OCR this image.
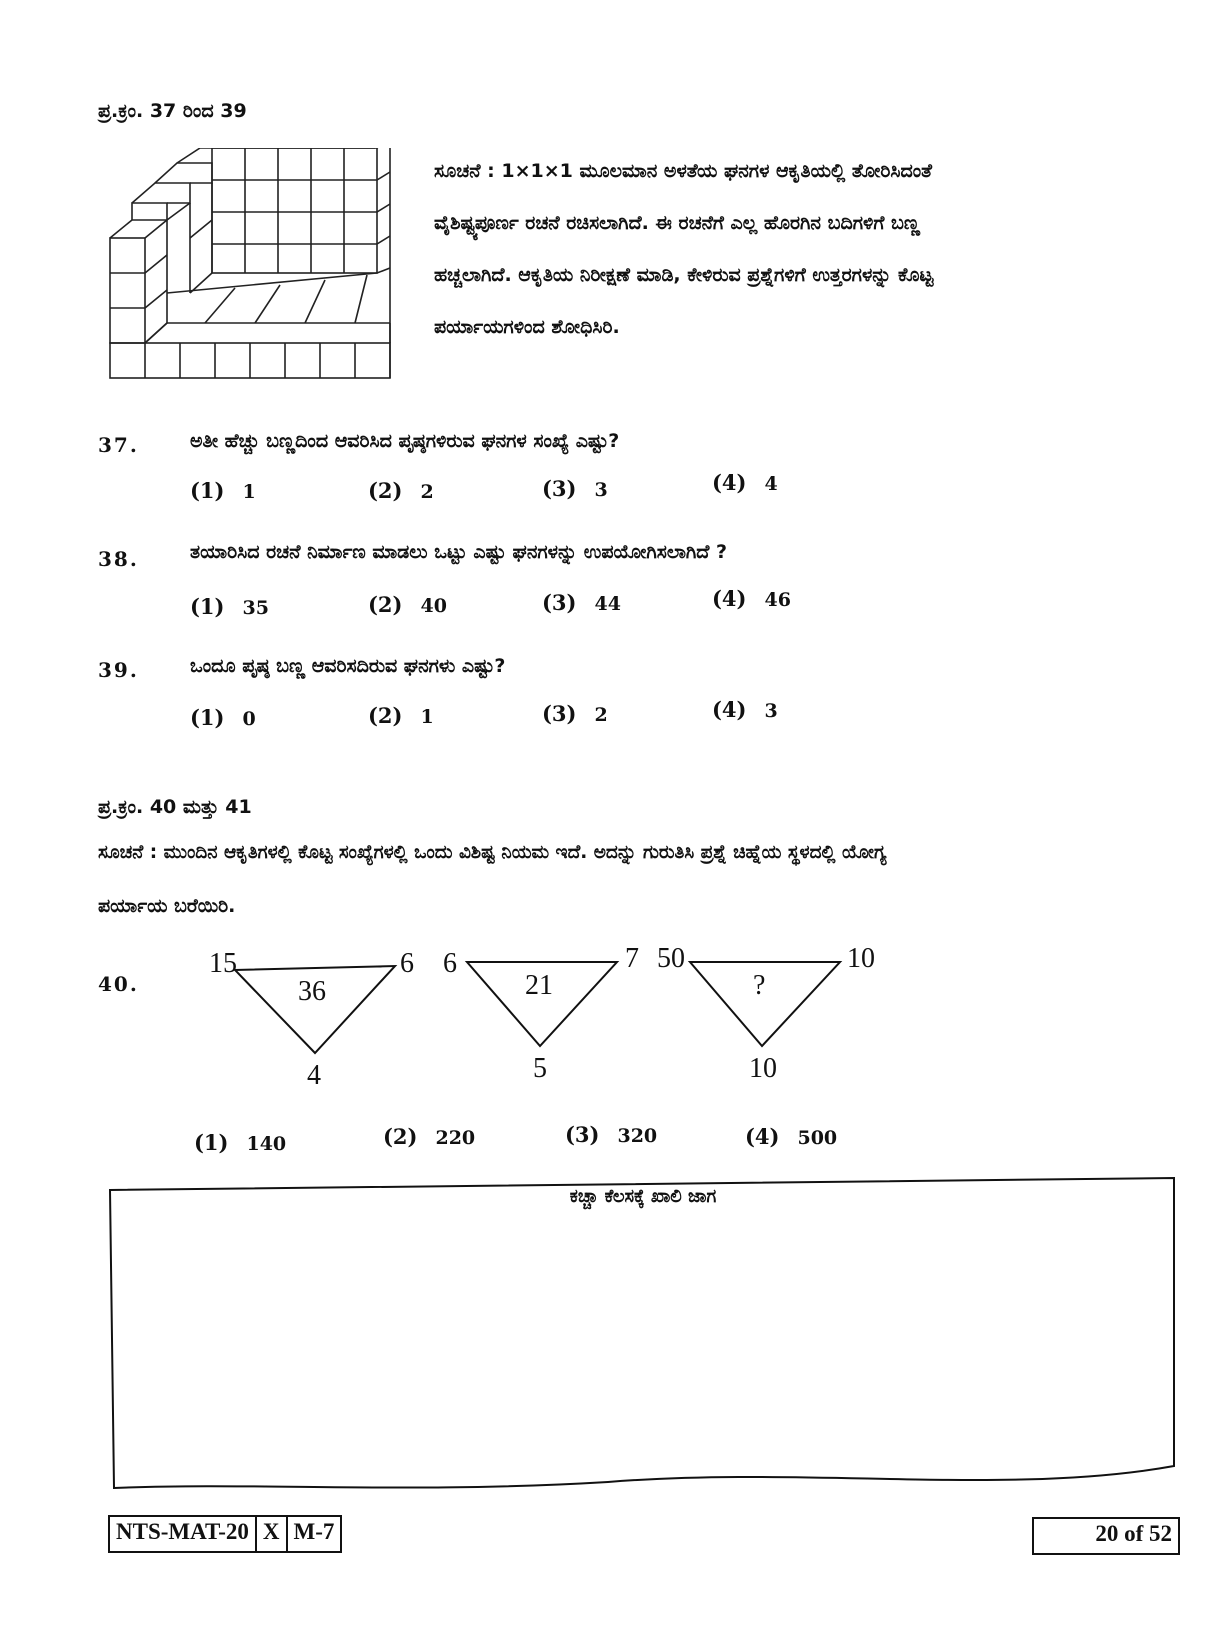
ಪ್ರ.ಕ್ರಂ. 37 ರಿಂದ 39
ಸೂಚನೆ : 1×1×1 ಮೂಲಮಾನ ಅಳತೆಯ ಘನಗಳ ಆಕೃತಿಯಲ್ಲಿ ತೋರಿಸಿದಂತೆ
ವೈಶಿಷ್ಟ್ಯಪೂರ್ಣ ರಚನೆ ರಚಿಸಲಾಗಿದೆ. ಈ ರಚನೆಗೆ ಎಲ್ಲ ಹೊರಗಿನ ಬದಿಗಳಿಗೆ ಬಣ್ಣ
ಹಚ್ಚಲಾಗಿದೆ. ಆಕೃತಿಯ ನಿರೀಕ್ಷಣೆ ಮಾಡಿ, ಕೇಳಿರುವ ಪ್ರಶ್ನೆಗಳಿಗೆ ಉತ್ತರಗಳನ್ನು ಕೊಟ್ಟ
ಪರ್ಯಾಯಗಳಿಂದ ಶೋಧಿಸಿರಿ.
37.	ಅತೀ ಹೆಚ್ಚು ಬಣ್ಣದಿಂದ ಆವರಿಸಿದ ಪೃಷ್ಠಗಳಿರುವ ಘನಗಳ ಸಂಖ್ಯೆ ಎಷ್ಟು?
(1) 1	(2) 2	(3) 3	(4) 4
38.	ತಯಾರಿಸಿದ ರಚನೆ ನಿರ್ಮಾಣ ಮಾಡಲು ಒಟ್ಟು ಎಷ್ಟು ಘನಗಳನ್ನು ಉಪಯೋಗಿಸಲಾಗಿದೆ ?
(1) 35	(2) 40	(3) 44	(4) 46
39.	ಒಂದೂ ಪೃಷ್ಠ ಬಣ್ಣ ಆವರಿಸದಿರುವ ಘನಗಳು ಎಷ್ಟು?
(1) 0	(2) 1	(3) 2	(4) 3
ಪ್ರ.ಕ್ರಂ. 40 ಮತ್ತು 41
ಸೂಚನೆ : ಮುಂದಿನ ಆಕೃತಿಗಳಲ್ಲಿ ಕೊಟ್ಟ ಸಂಖ್ಯೆಗಳಲ್ಲಿ ಒಂದು ವಿಶಿಷ್ಟ ನಿಯಮ ಇದೆ. ಅದನ್ನು ಗುರುತಿಸಿ ಪ್ರಶ್ನೆ ಚಿಹ್ನೆಯ ಸ್ಥಳದಲ್ಲಿ ಯೋಗ್ಯ
ಪರ್ಯಾಯ ಬರೆಯಿರಿ.
40.
15	6
4
36
6	7
5
21
50	10
10
?
(1) 140	(2) 220	(3) 320	(4) 500
ಕಚ್ಚಾ ಕೆಲಸಕ್ಕೆ ಖಾಲಿ ಜಾಗ
NTS-MAT-20 X M-7	20 of 52
